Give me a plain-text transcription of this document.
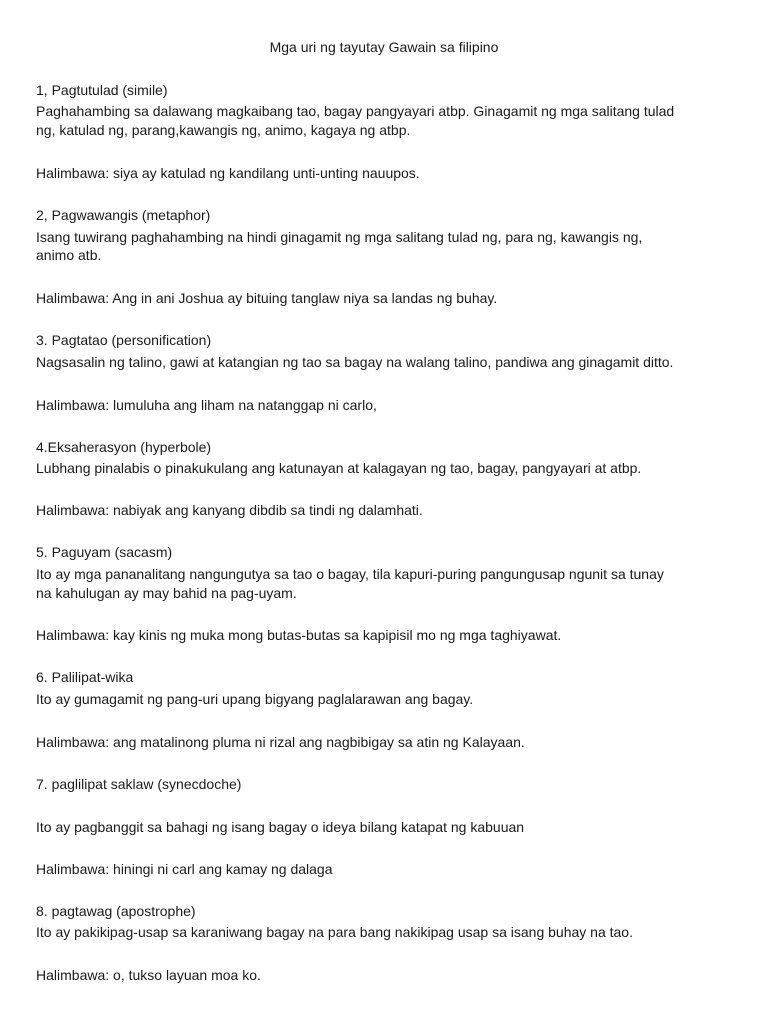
Mga uri ng tayutay Gawain sa filipino

1, Pagtutulad (simile)

Paghahambing sa dalawang magkaibang tao, bagay pangyayari atbp. Ginagamit ng mga salitang tulad

ng, katulad ng, parang,kawangis ng, animo, kagaya ng atbp.

Halimbawa: siya ay katulad ng kandilang unti-unting nauupos.

2, Pagwawangis (metaphor)

Isang tuwirang paghahambing na hindi ginagamit ng mga salitang tulad ng, para ng, kawangis ng,

animo atb.

Halimbawa: Ang in ani Joshua ay bituing tanglaw niya sa landas ng buhay.

3. Pagtatao (personification)

Nagsasalin ng talino, gawi at katangian ng tao sa bagay na walang talino, pandiwa ang ginagamit ditto.

Halimbawa: lumuluha ang liham na natanggap ni carlo,

4.Eksaherasyon (hyperbole)

Lubhang pinalabis o pinakukulang ang katunayan at kalagayan ng tao, bagay, pangyayari at atbp.

Halimbawa: nabiyak ang kanyang dibdib sa tindi ng dalamhati.

5. Paguyam (sacasm)

Ito ay mga pananalitang nangungutya sa tao o bagay, tila kapuri-puring pangungusap ngunit sa tunay

na kahulugan ay may bahid na pag-uyam.

Halimbawa: kay kinis ng muka mong butas-butas sa kapipisil mo ng mga taghiyawat.

6. Palilipat-wika

Ito ay gumagamit ng pang-uri upang bigyang paglalarawan ang bagay.

Halimbawa: ang matalinong pluma ni rizal ang nagbibigay sa atin ng Kalayaan.

7. paglilipat saklaw (synecdoche)

Ito ay pagbanggit sa bahagi ng isang bagay o ideya bilang katapat ng kabuuan

Halimbawa: hiningi ni carl ang kamay ng dalaga

8. pagtawag (apostrophe)

Ito ay pakikipag-usap sa karaniwang bagay na para bang nakikipag usap sa isang buhay na tao.

Halimbawa: o, tukso layuan moa ko.
